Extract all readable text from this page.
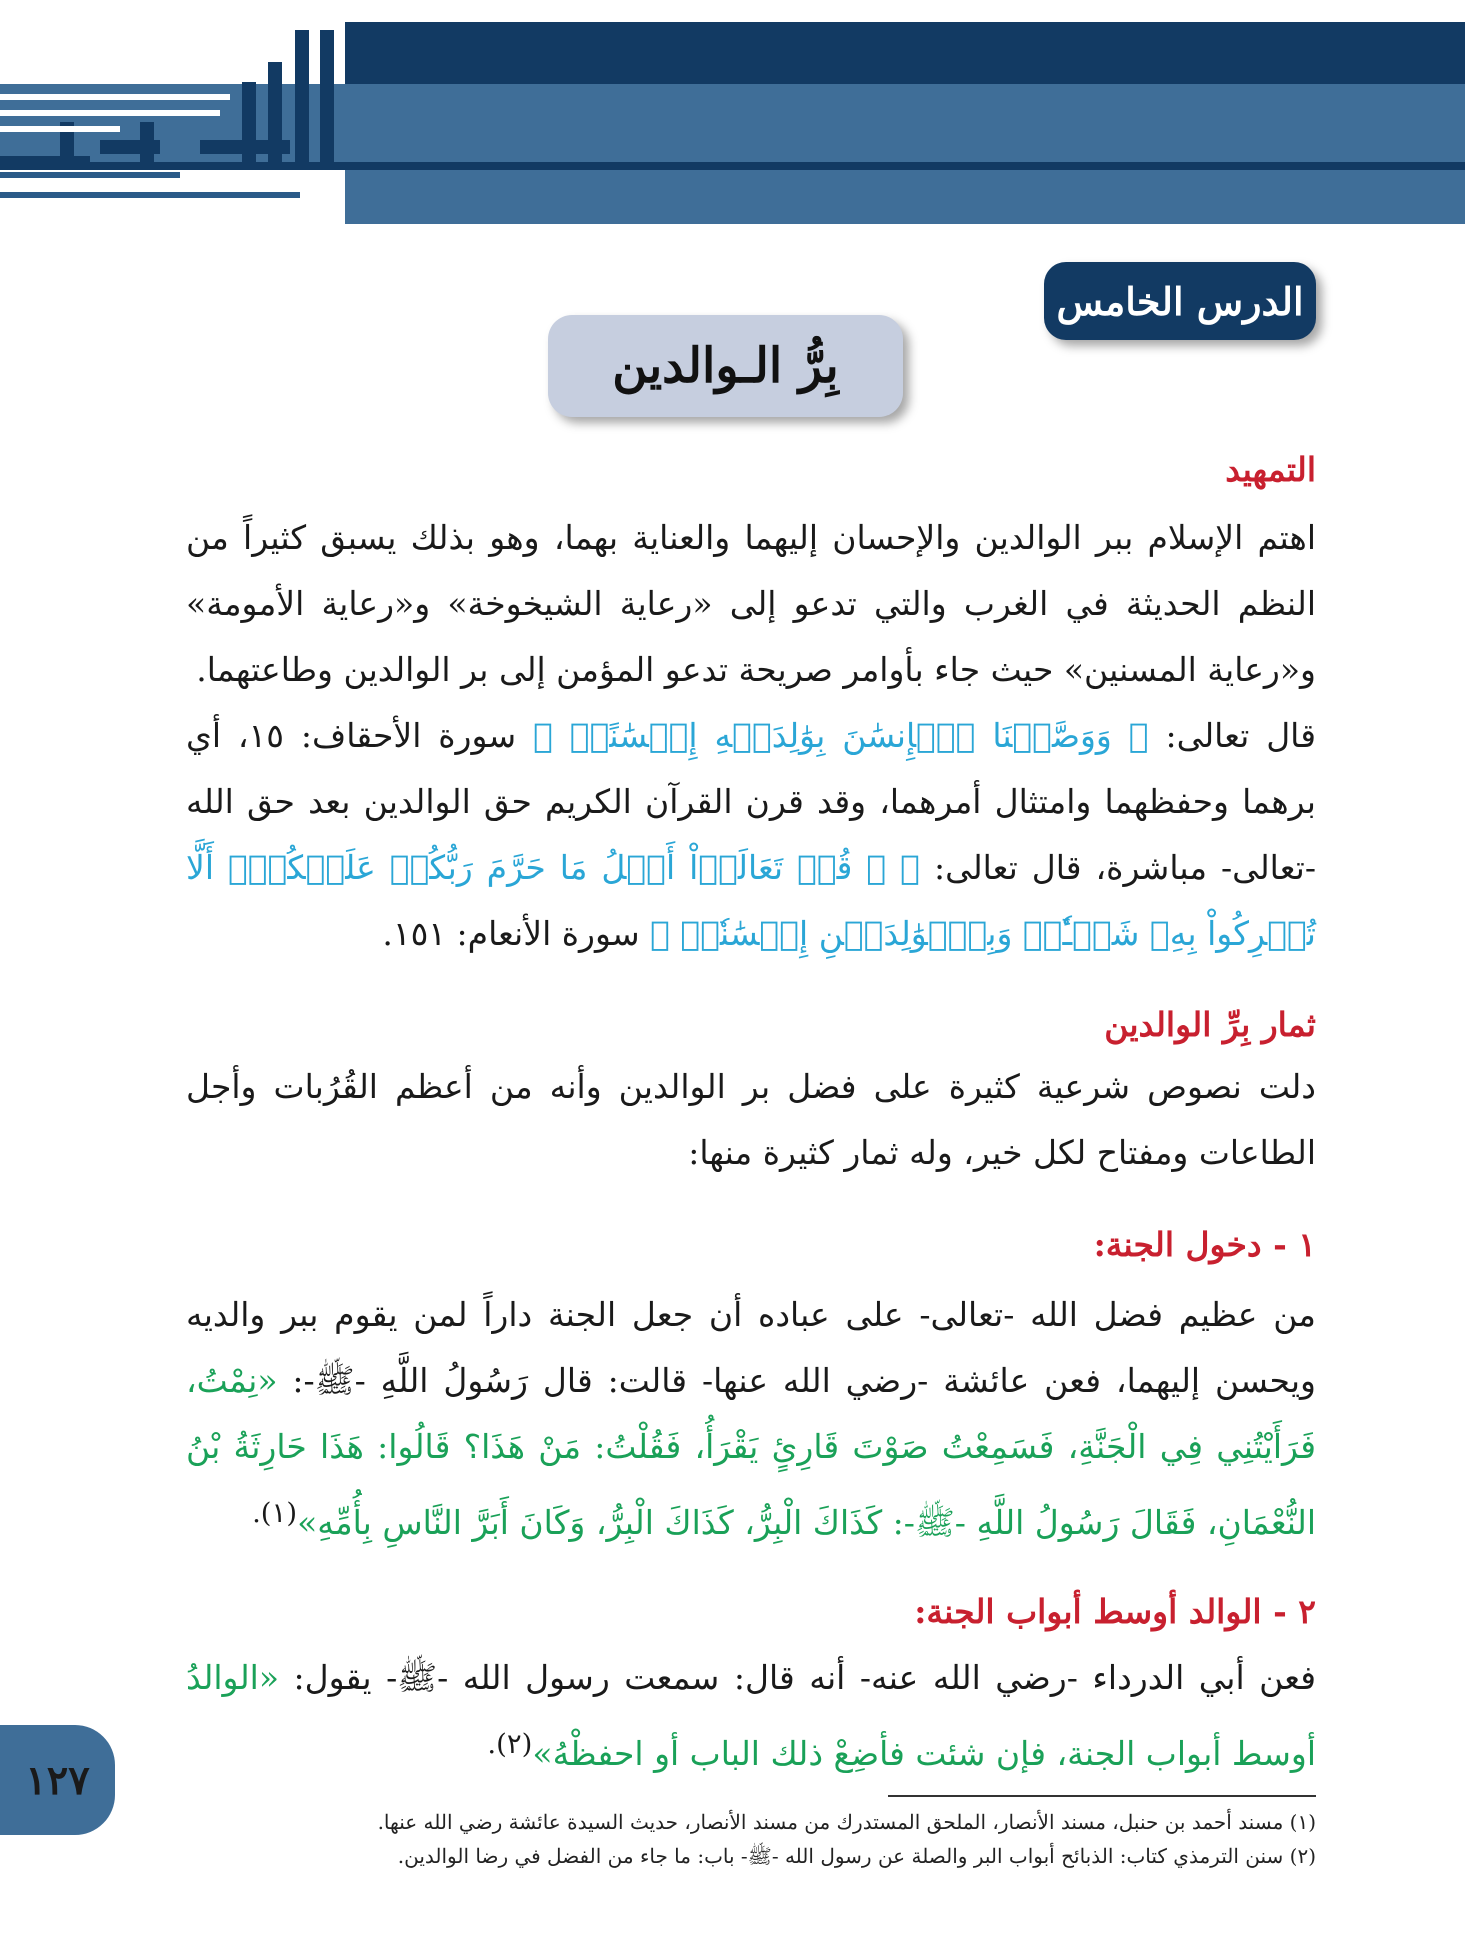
التهذيب
الدرس الخامس
بِرُّ الـوالدين
التمهيد

اهتم الإسلام ببر الوالدين والإحسان إليهما والعناية بهما، وهو بذلك يسبق كثيراً من النظم الحديثة في الغرب والتي تدعو إلى «رعاية الشيخوخة» و«رعاية الأمومة» و«رعاية المسنين» حيث جاء بأوامر صريحة تدعو المؤمن إلى بر الوالدين وطاعتهما.

قال تعالى: ﴿ وَوَصَّيۡنَا ٱلۡإِنسَٰنَ بِوَٰلِدَيۡهِ إِحۡسَٰنًاۖ ﴾ سورة الأحقاف: ١٥، أي برهما وحفظهما وامتثال أمرهما، وقد قرن القرآن الكريم حق الوالدين بعد حق الله -تعالى- مباشرة، قال تعالى: ﴿ ۞ قُلۡ تَعَالَوۡاْ أَتۡلُ مَا حَرَّمَ رَبُّكُمۡ عَلَيۡكُمۡۖ أَلَّا تُشۡرِكُواْ بِهِۦ شَيۡـٔٗاۖ وَبِٱلۡوَٰلِدَيۡنِ إِحۡسَٰنٗاۖ ﴾ سورة الأنعام: ١٥١.

ثمار بِرِّ الوالدين

دلت نصوص شرعية كثيرة على فضل بر الوالدين وأنه من أعظم القُرُبات وأجل الطاعات ومفتاح لكل خير، وله ثمار كثيرة منها:

١ - دخول الجنة:

من عظيم فضل الله -تعالى- على عباده أن جعل الجنة داراً لمن يقوم ببر والديه ويحسن إليهما، فعن عائشة -رضي الله عنها- قالت: قال رَسُولُ اللَّهِ -ﷺ-: «نِمْتُ، فَرَأَيْتُنِي فِي الْجَنَّةِ، فَسَمِعْتُ صَوْتَ قَارِئٍ يَقْرَأُ، فَقُلْتُ: مَنْ هَذَا؟ قَالُوا: هَذَا حَارِثَةُ بْنُ النُّعْمَانِ، فَقَالَ رَسُولُ اللَّهِ -ﷺ-: كَذَاكَ الْبِرُّ، كَذَاكَ الْبِرُّ، وَكَانَ أَبَرَّ النَّاسِ بِأُمِّهِ»$^{(١).}$

٢ - الوالد أوسط أبواب الجنة:

فعن أبي الدرداء -رضي الله عنه- أنه قال: سمعت رسول الله -ﷺ- يقول: «الوالدُ أوسط أبواب الجنة، فإن شئت فأضِعْ ذلك الباب أو احفظْهُ»$^{(٢).}$

١٢٧
(١) مسند أحمد بن حنبل، مسند الأنصار، الملحق المستدرك من مسند الأنصار، حديث السيدة عائشة رضي الله عنها.
(٢) سنن الترمذي كتاب: الذبائح أبواب البر والصلة عن رسول الله -ﷺ- باب: ما جاء من الفضل في رضا الوالدين.
